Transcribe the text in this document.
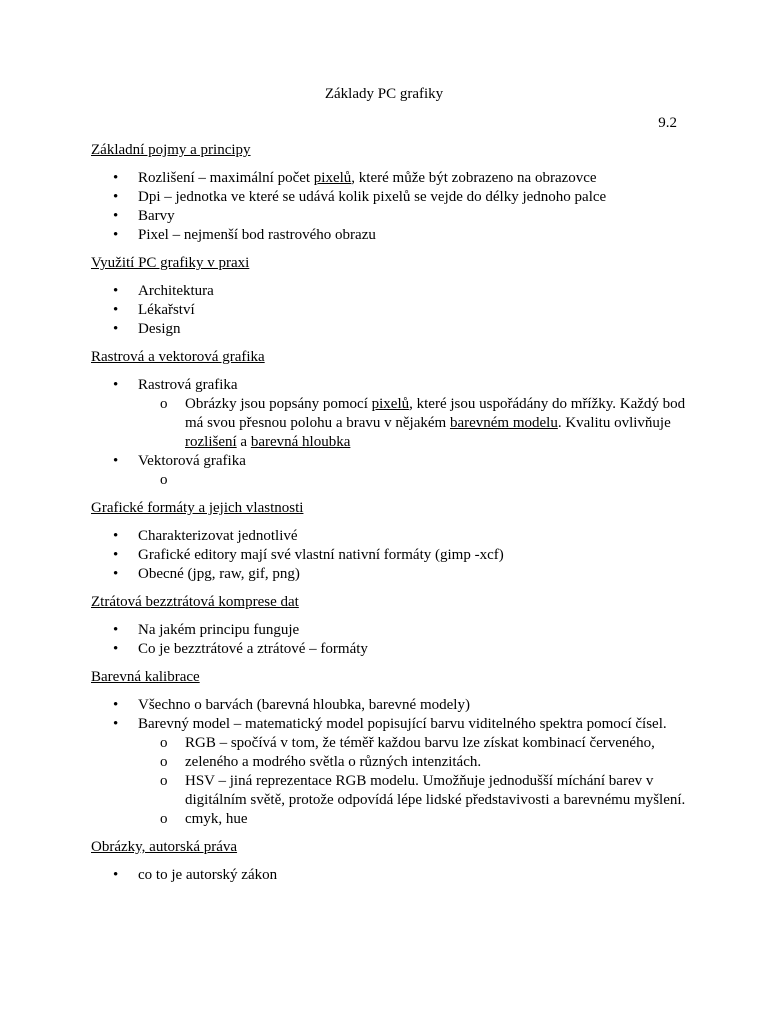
Základy PC grafiky
9.2
Základní pojmy a principy
•	Rozlišení – maximální počet pixelů, které může být zobrazeno na obrazovce
•	Dpi – jednotka ve které se udává kolik pixelů se vejde do délky jednoho palce
•	Barvy
•	Pixel – nejmenší bod rastrového obrazu
Využití PC grafiky v praxi
•	Architektura
•	Lékařství
•	Design
Rastrová a vektorová grafika
•	Rastrová grafika
o Obrázky jsou popsány pomocí pixelů, které jsou uspořádány do mřížky. Každý bod má svou přesnou polohu a bravu v nějakém barevném modelu. Kvalitu ovlivňuje rozlišení a barevná hloubka
•	Vektorová grafika
o

Grafické formáty a jejich vlastnosti
•	Charakterizovat jednotlivé
•	Grafické editory mají své vlastní nativní formáty (gimp -xcf)
•	Obecné (jpg, raw, gif, png)
Ztrátová bezztrátová komprese dat
•	Na jakém principu funguje
•	Co je bezztrátové a ztrátové – formáty
Barevná kalibrace
•	Všechno o barvách (barevná hloubka, barevné modely)
•	Barevný model – matematický model popisující barvu viditelného spektra pomocí čísel.
o RGB – spočívá v tom, že téměř každou barvu lze získat kombinací červeného,
o zeleného a modrého světla o různých intenzitách.
o HSV – jiná reprezentace RGB modelu. Umožňuje jednodušší míchání barev v digitálním světě, protože odpovídá lépe lidské představivosti a barevnému myšlení.
o cmyk, hue
Obrázky, autorská práva
•	co to je autorský zákon
